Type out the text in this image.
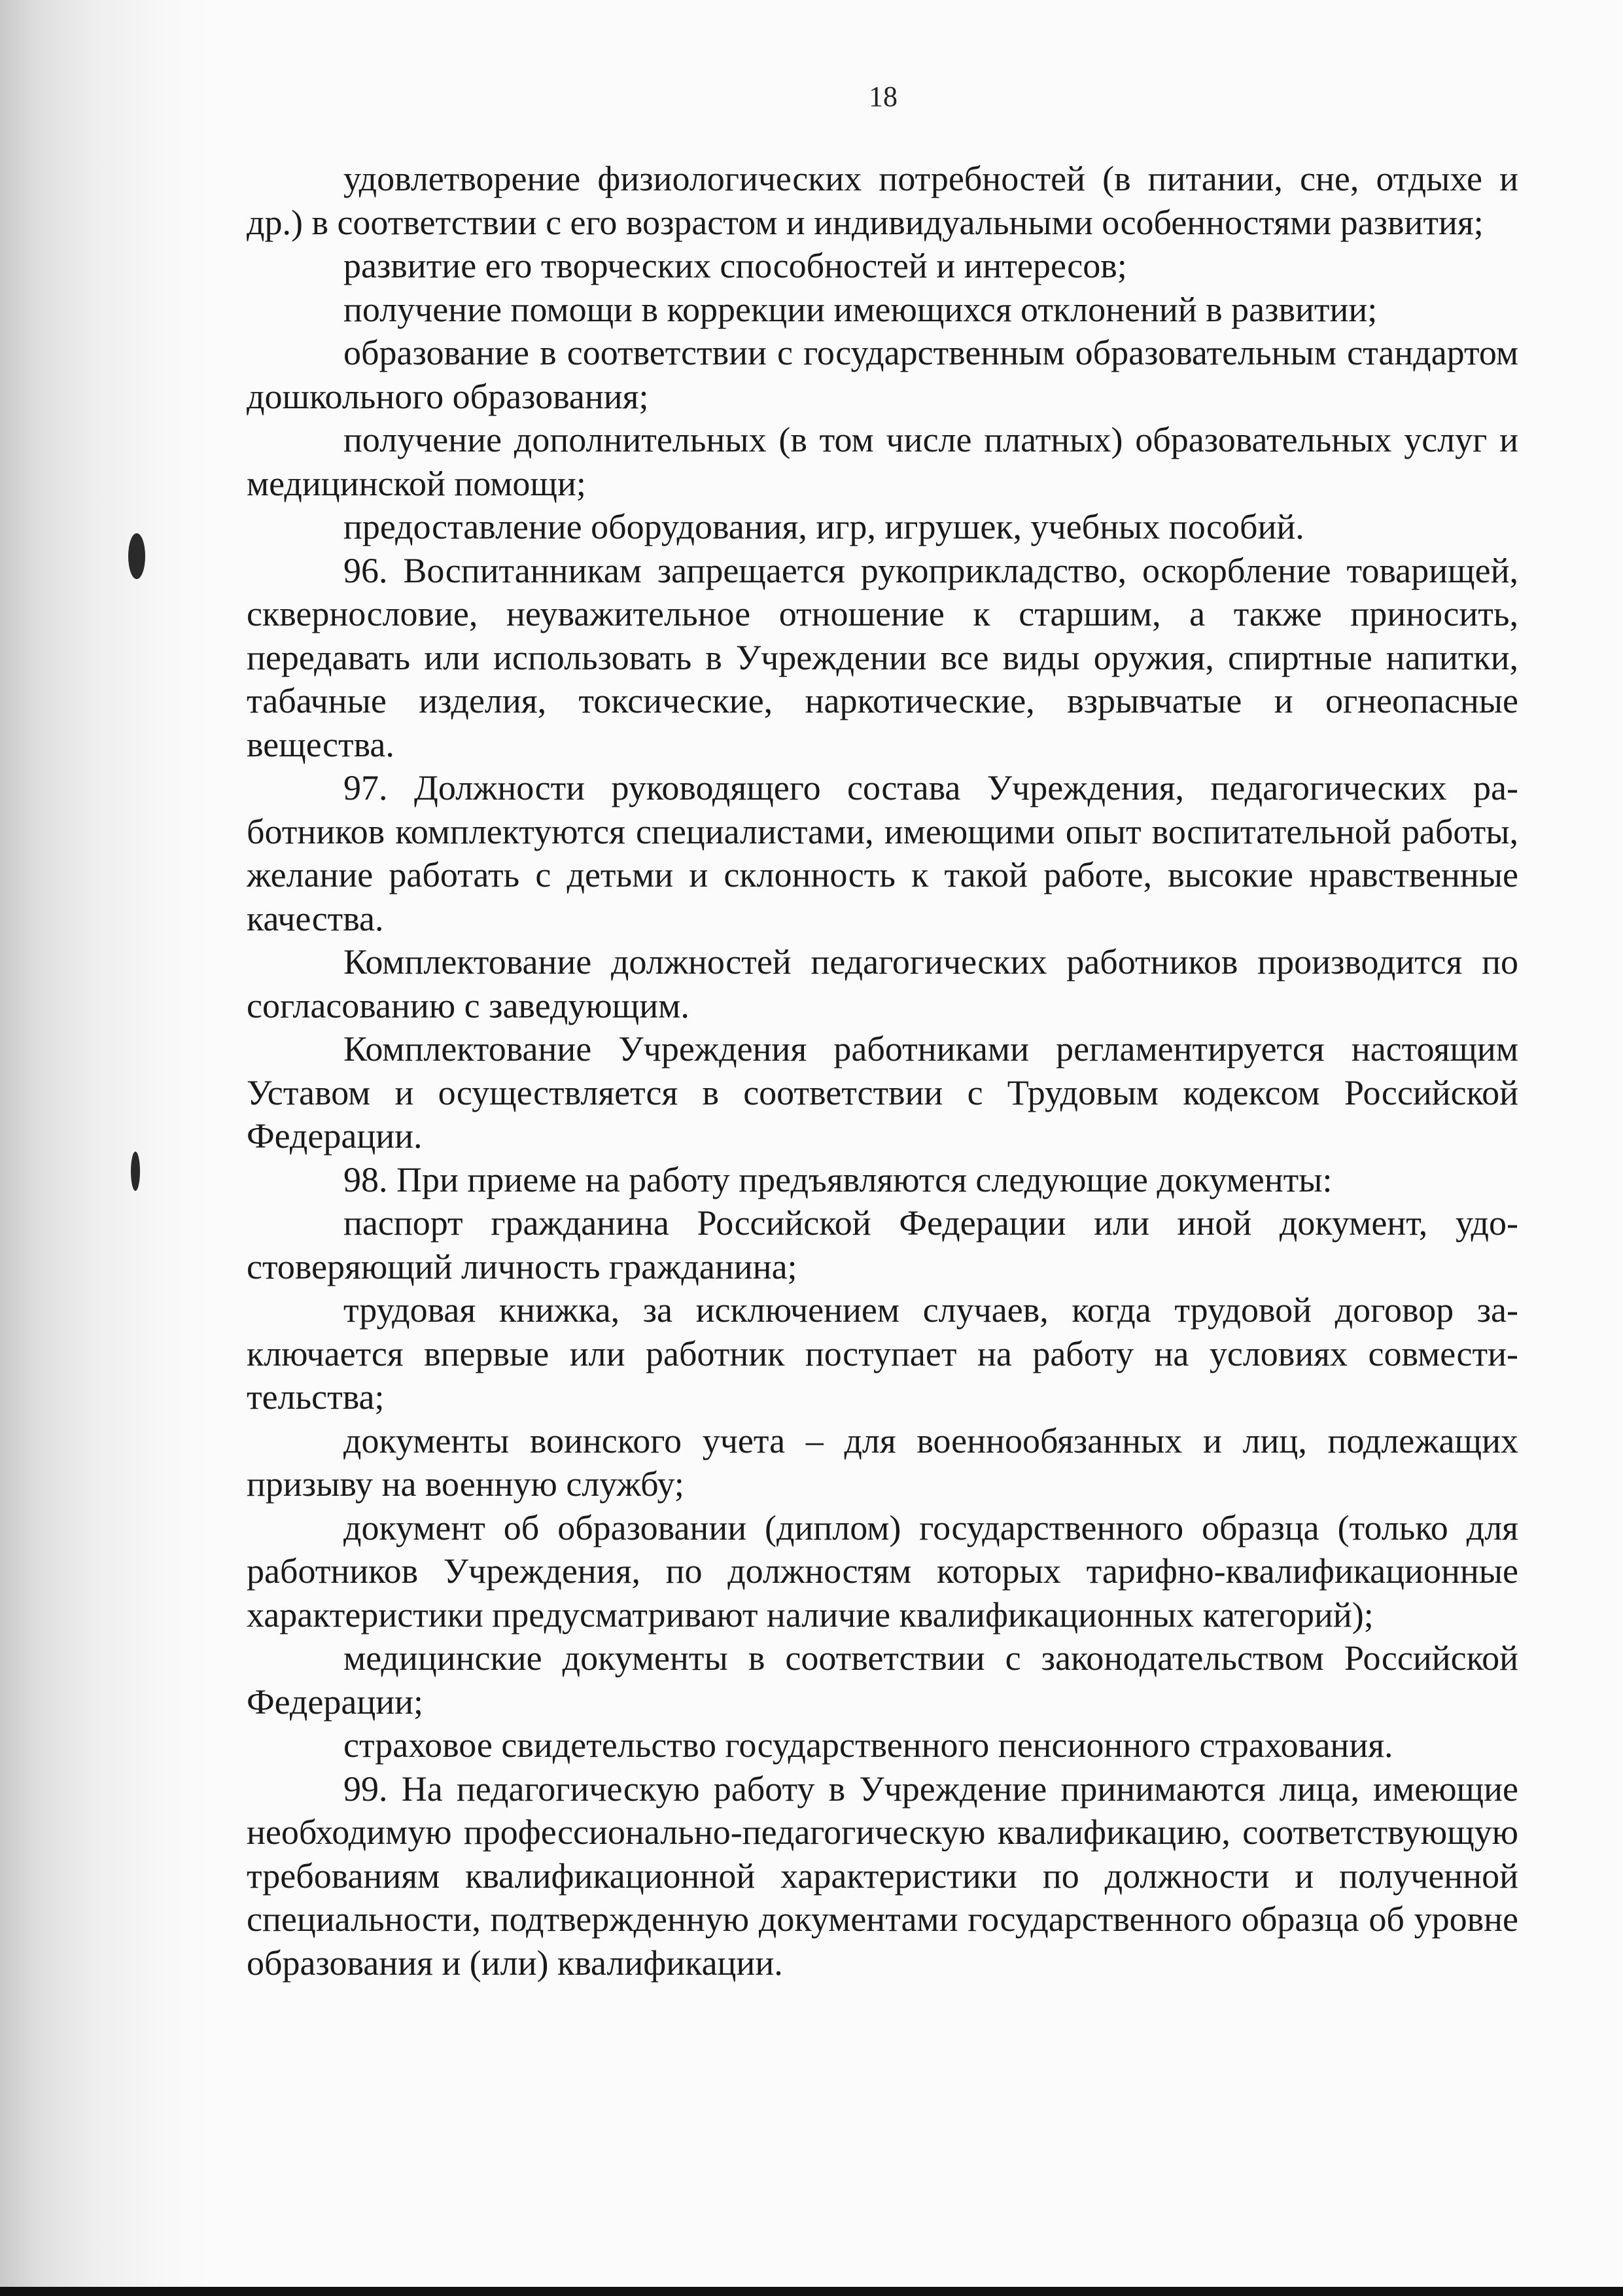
18

удовлетворение физиологических потребностей (в питании, сне, отдыхе и др.) в соответствии с его возрастом и индивидуальными особенностями развития;

развитие его творческих способностей и интересов;

получение помощи в коррекции имеющихся отклонений в развитии;

образование в соответствии с государственным образовательным стандартом дошкольного образования;

получение дополнительных (в том числе платных) образовательных услуг и медицинской помощи;

предоставление оборудования, игр, игрушек, учебных пособий.

96. Воспитанникам запрещается рукоприкладство, оскорбление товарищей, сквернословие, неуважительное отношение к старшим, а также приносить, передавать или использовать в Учреждении все виды оружия, спиртные напитки, табачные изделия, токсические, наркотические, взрывчатые и огнеопасные вещества.

97. Должности руководящего состава Учреждения, педагогических работников комплектуются специалистами, имеющими опыт воспитательной работы, желание работать с детьми и склонность к такой работе, высокие нравственные качества.

Комплектование должностей педагогических работников производится по согласованию с заведующим.

Комплектование Учреждения работниками регламентируется настоящим Уставом и осуществляется в соответствии с Трудовым кодексом Российской Федерации.

98. При приеме на работу предъявляются следующие документы:

паспорт гражданина Российской Федерации или иной документ, удостоверяющий личность гражданина;

трудовая книжка, за исключением случаев, когда трудовой договор заключается впервые или работник поступает на работу на условиях совместительства;

документы воинского учета – для военнообязанных и лиц, подлежащих призыву на военную службу;

документ об образовании (диплом) государственного образца (только для работников Учреждения, по должностям которых тарифно-квалификационные характеристики предусматривают наличие квалификационных категорий);

медицинские документы в соответствии с законодательством Российской Федерации;

страховое свидетельство государственного пенсионного страхования.

99. На педагогическую работу в Учреждение принимаются лица, имеющие необходимую профессионально-педагогическую квалификацию, соответствующую требованиям квалификационной характеристики по должности и полученной специальности, подтвержденную документами государственного образца об уровне образования и (или) квалификации.
